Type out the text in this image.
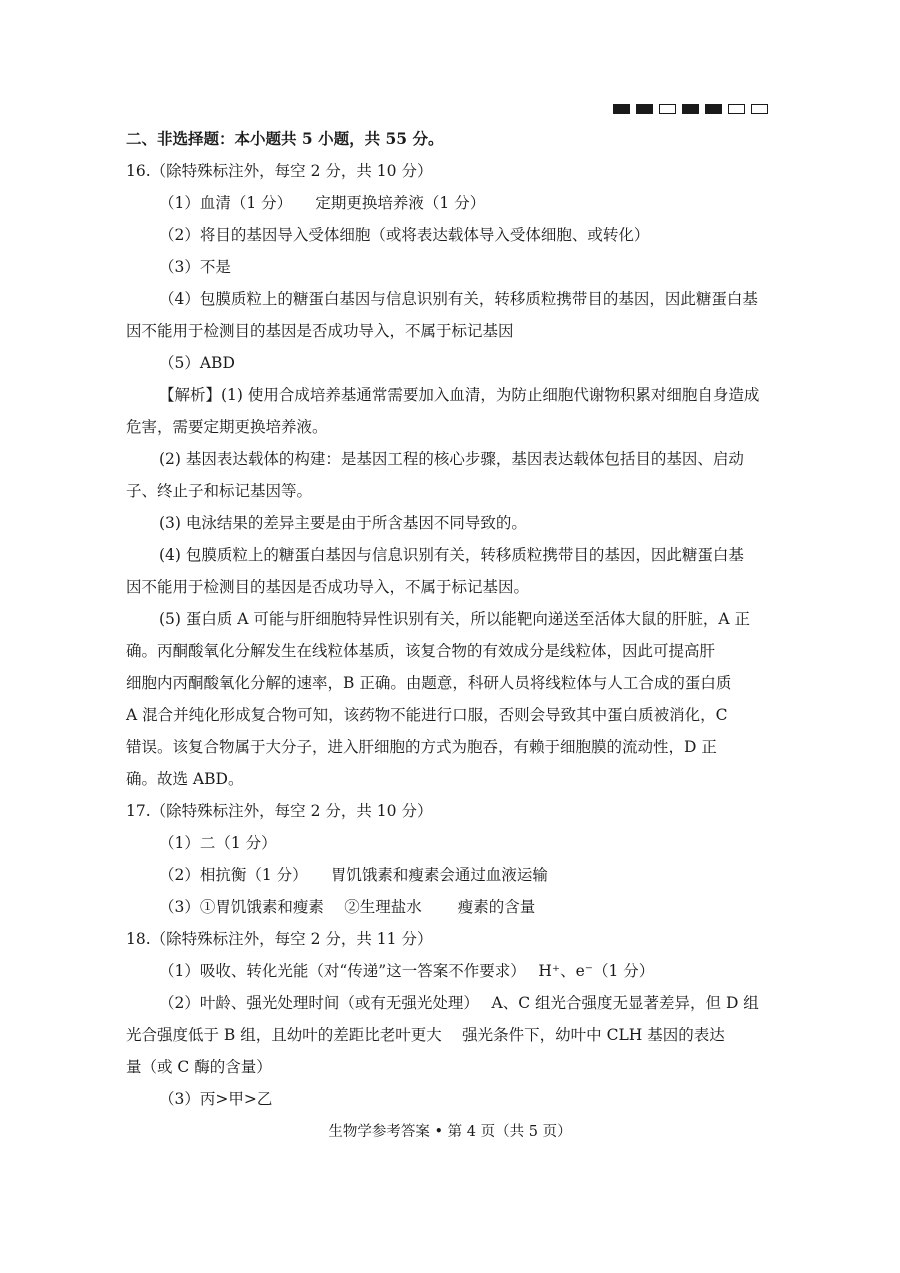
二、非选择题：本小题共 5 小题，共 55 分。
16.（除特殊标注外，每空 2 分，共 10 分）
（1）血清（1 分）　　定期更换培养液（1 分）
（2）将目的基因导入受体细胞（或将表达载体导入受体细胞、或转化）
（3）不是
（4）包膜质粒上的糖蛋白基因与信息识别有关，转移质粒携带目的基因，因此糖蛋白基
因不能用于检测目的基因是否成功导入，不属于标记基因
（5）ABD
【解析】(1) 使用合成培养基通常需要加入血清，为防止细胞代谢物积累对细胞自身造成
危害，需要定期更换培养液。
(2) 基因表达载体的构建：是基因工程的核心步骤，基因表达载体包括目的基因、启动
子、终止子和标记基因等。
(3) 电泳结果的差异主要是由于所含基因不同导致的。
(4) 包膜质粒上的糖蛋白基因与信息识别有关，转移质粒携带目的基因，因此糖蛋白基
因不能用于检测目的基因是否成功导入，不属于标记基因。
(5) 蛋白质 A 可能与肝细胞特异性识别有关，所以能靶向递送至活体大鼠的肝脏，A 正
确。丙酮酸氧化分解发生在线粒体基质，该复合物的有效成分是线粒体，因此可提高肝
细胞内丙酮酸氧化分解的速率，B 正确。由题意，科研人员将线粒体与人工合成的蛋白质
A 混合并纯化形成复合物可知，该药物不能进行口服，否则会导致其中蛋白质被消化，C
错误。该复合物属于大分子，进入肝细胞的方式为胞吞，有赖于细胞膜的流动性，D 正
确。故选 ABD。
17.（除特殊标注外，每空 2 分，共 10 分）
（1）二（1 分）
（2）相抗衡（1 分）　　胃饥饿素和瘦素会通过血液运输
（3）①胃饥饿素和瘦素　 ②生理盐水　　 瘦素的含量
18.（除特殊标注外，每空 2 分，共 11 分）
（1）吸收、转化光能（对“传递”这一答案不作要求）　 H⁺、e⁻（1 分）
（2）叶龄、强光处理时间（或有无强光处理）　 A、C 组光合强度无显著差异，但 D 组
光合强度低于 B 组，且幼叶的差距比老叶更大　 强光条件下，幼叶中 CLH 基因的表达
量（或 C 酶的含量）
（3）丙>甲>乙
生物学参考答案 • 第 4 页（共 5 页）
